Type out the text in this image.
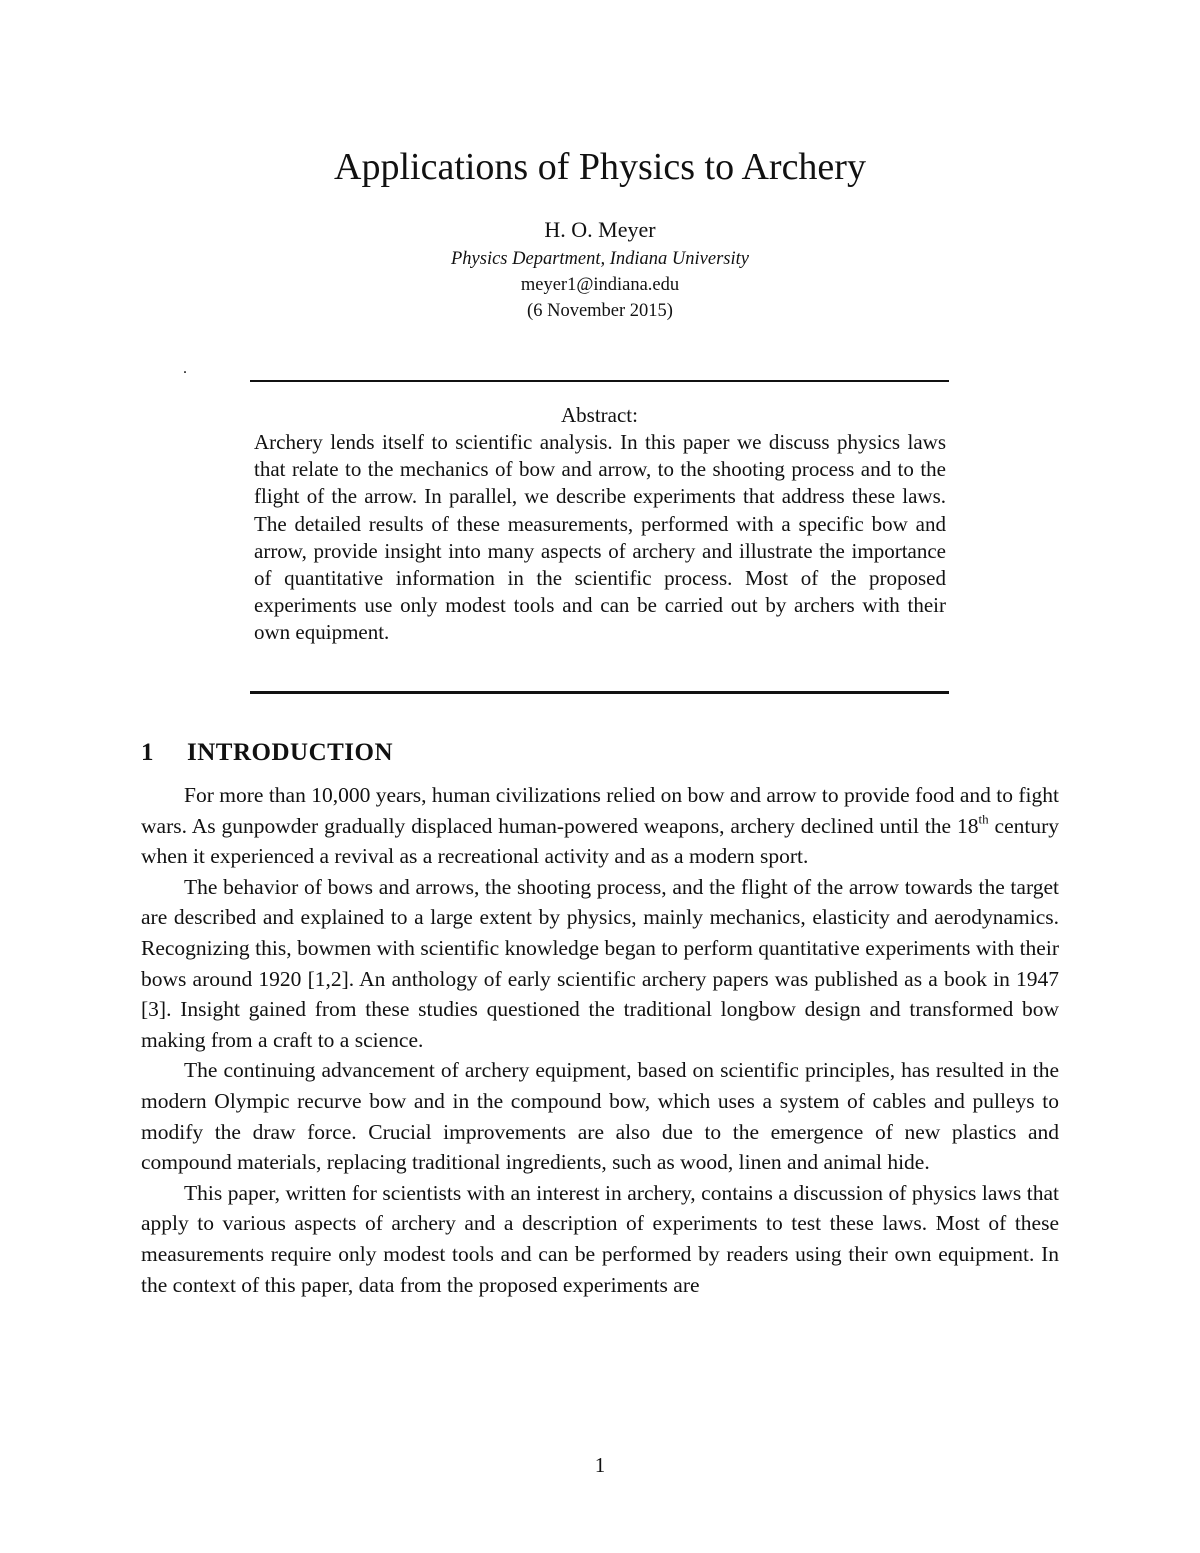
Applications of Physics to Archery
H. O. Meyer
Physics Department, Indiana University
meyer1@indiana.edu
(6 November 2015)
.
Abstract:

Archery lends itself to scientific analysis. In this paper we discuss physics laws that relate to the mechanics of bow and arrow, to the shooting process and to the flight of the arrow. In parallel, we describe experiments that address these laws. The detailed results of these measurements, performed with a specific bow and arrow, provide insight into many aspects of archery and illustrate the importance of quantitative information in the scientific process. Most of the proposed experiments use only modest tools and can be carried out by archers with their own equipment.

1 INTRODUCTION

For more than 10,000 years, human civilizations relied on bow and arrow to provide food and to fight wars. As gunpowder gradually displaced human-powered weapons, archery declined until the 18th century when it experienced a revival as a recreational activity and as a modern sport.

The behavior of bows and arrows, the shooting process, and the flight of the arrow towards the target are described and explained to a large extent by physics, mainly mechanics, elasticity and aerodynamics. Recognizing this, bowmen with scientific knowledge began to perform quantitative experiments with their bows around 1920 [1,2]. An anthology of early scientific archery papers was published as a book in 1947 [3]. Insight gained from these studies questioned the traditional longbow design and transformed bow making from a craft to a science.

The continuing advancement of archery equipment, based on scientific principles, has resulted in the modern Olympic recurve bow and in the compound bow, which uses a system of cables and pulleys to modify the draw force. Crucial improvements are also due to the emergence of new plastics and compound materials, replacing traditional ingredients, such as wood, linen and animal hide.

This paper, written for scientists with an interest in archery, contains a discussion of physics laws that apply to various aspects of archery and a description of experiments to test these laws. Most of these measurements require only modest tools and can be performed by readers using their own equipment. In the context of this paper, data from the proposed experiments are

1
